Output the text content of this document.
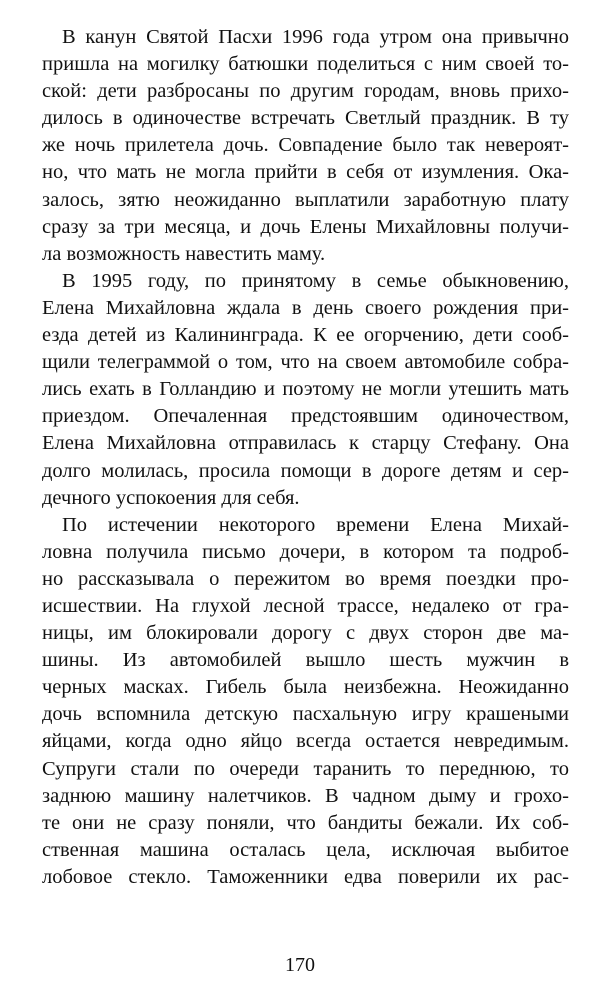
В канун Святой Пасхи 1996 года утром она привычно
пришла на могилку батюшки поделиться с ним своей то-
ской: дети разбросаны по другим городам, вновь прихо-
дилось в одиночестве встречать Светлый праздник. В ту
же ночь прилетела дочь. Совпадение было так невероят-
но, что мать не могла прийти в себя от изумления. Ока-
залось, зятю неожиданно выплатили заработную плату
сразу за три месяца, и дочь Елены Михайловны получи-
ла возможность навестить маму.
В 1995 году, по принятому в семье обыкновению,
Елена Михайловна ждала в день своего рождения при-
езда детей из Калининграда. К ее огорчению, дети сооб-
щили телеграммой о том, что на своем автомобиле собра-
лись ехать в Голландию и поэтому не могли утешить мать
приездом. Опечаленная предстоявшим одиночеством,
Елена Михайловна отправилась к старцу Стефану. Она
долго молилась, просила помощи в дороге детям и сер-
дечного успокоения для себя.
По истечении некоторого времени Елена Михай-
ловна получила письмо дочери, в котором та подроб-
но рассказывала о пережитом во время поездки про-
исшествии. На глухой лесной трассе, недалеко от гра-
ницы, им блокировали дорогу с двух сторон две ма-
шины. Из автомобилей вышло шесть мужчин в
черных масках. Гибель была неизбежна. Неожиданно
дочь вспомнила детскую пасхальную игру крашеными
яйцами, когда одно яйцо всегда остается невредимым.
Супруги стали по очереди таранить то переднюю, то
заднюю машину налетчиков. В чадном дыму и грохо-
те они не сразу поняли, что бандиты бежали. Их соб-
ственная машина осталась цела, исключая выбитое
лобовое стекло. Таможенники едва поверили их рас-
170
